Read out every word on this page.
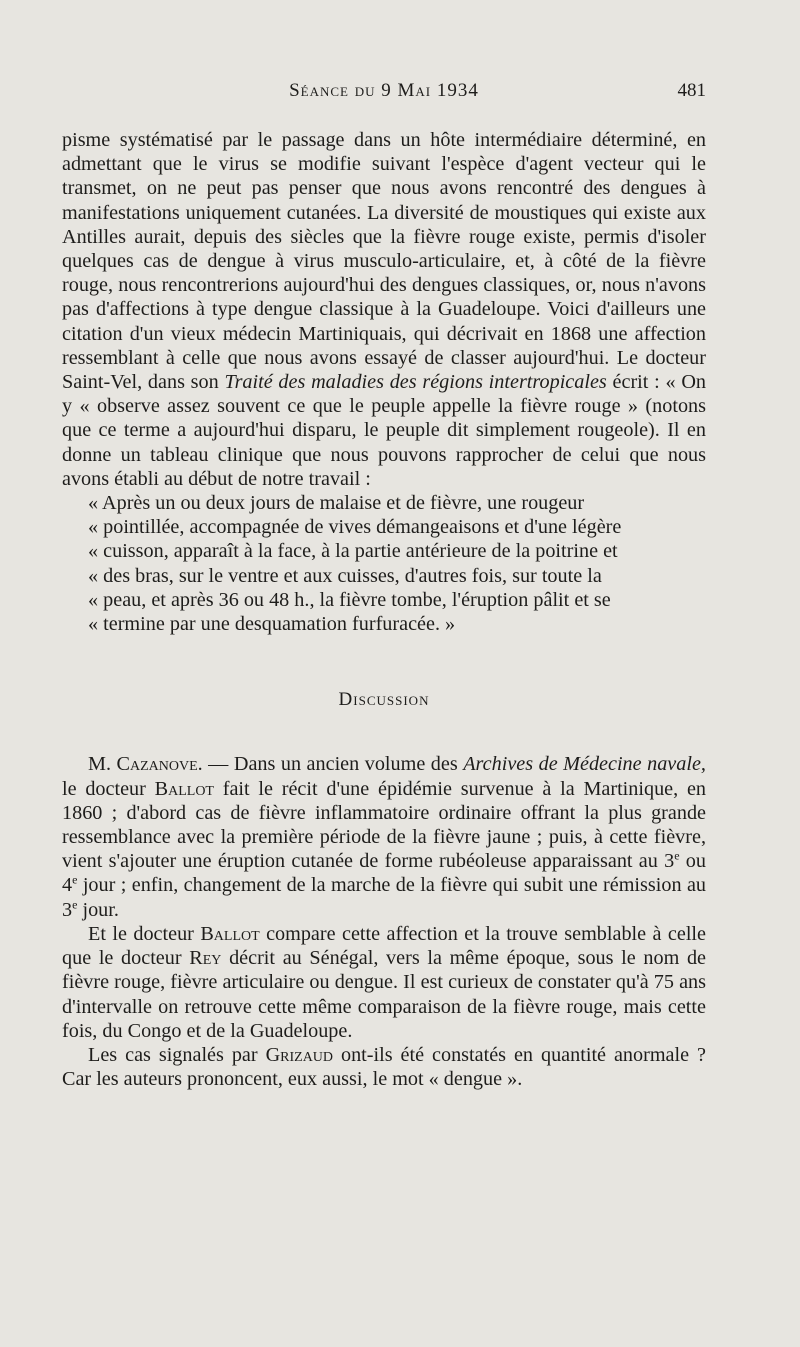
Séance du 9 Mai 1934	481

pisme systématisé par le passage dans un hôte intermédiaire déterminé, en admettant que le virus se modifie suivant l'espèce d'agent vecteur qui le transmet, on ne peut pas penser que nous avons rencontré des dengues à manifestations uniquement cutanées. La diversité de moustiques qui existe aux Antilles aurait, depuis des siècles que la fièvre rouge existe, permis d'isoler quelques cas de dengue à virus musculo-articulaire, et, à côté de la fièvre rouge, nous rencontrerions aujourd'hui des dengues classiques, or, nous n'avons pas d'affections à type dengue classique à la Guadeloupe. Voici d'ailleurs une citation d'un vieux médecin Martiniquais, qui décrivait en 1868 une affection ressemblant à celle que nous avons essayé de classer aujourd'hui. Le docteur Saint-Vel, dans son Traité des maladies des régions intertropicales écrit : « On y « observe assez souvent ce que le peuple appelle la fièvre rouge » (notons que ce terme a aujourd'hui disparu, le peuple dit simplement rougeole). Il en donne un tableau clinique que nous pouvons rapprocher de celui que nous avons établi au début de notre travail :

« Après un ou deux jours de malaise et de fièvre, une rougeur
« pointillée, accompagnée de vives démangeaisons et d'une légère
« cuisson, apparaît à la face, à la partie antérieure de la poitrine et
« des bras, sur le ventre et aux cuisses, d'autres fois, sur toute la
« peau, et après 36 ou 48 h., la fièvre tombe, l'éruption pâlit et se
« termine par une desquamation furfuracée. »
Discussion

M. Cazanove. — Dans un ancien volume des Archives de Médecine navale, le docteur Ballot fait le récit d'une épidémie survenue à la Martinique, en 1860 ; d'abord cas de fièvre inflammatoire ordinaire offrant la plus grande ressemblance avec la première période de la fièvre jaune ; puis, à cette fièvre, vient s'ajouter une éruption cutanée de forme rubéoleuse apparaissant au 3e ou 4e jour ; enfin, changement de la marche de la fièvre qui subit une rémission au 3e jour.

Et le docteur Ballot compare cette affection et la trouve semblable à celle que le docteur Rey décrit au Sénégal, vers la même époque, sous le nom de fièvre rouge, fièvre articulaire ou dengue. Il est curieux de constater qu'à 75 ans d'intervalle on retrouve cette même comparaison de la fièvre rouge, mais cette fois, du Congo et de la Guadeloupe.

Les cas signalés par Grizaud ont-ils été constatés en quantité anormale ? Car les auteurs prononcent, eux aussi, le mot « dengue ».
